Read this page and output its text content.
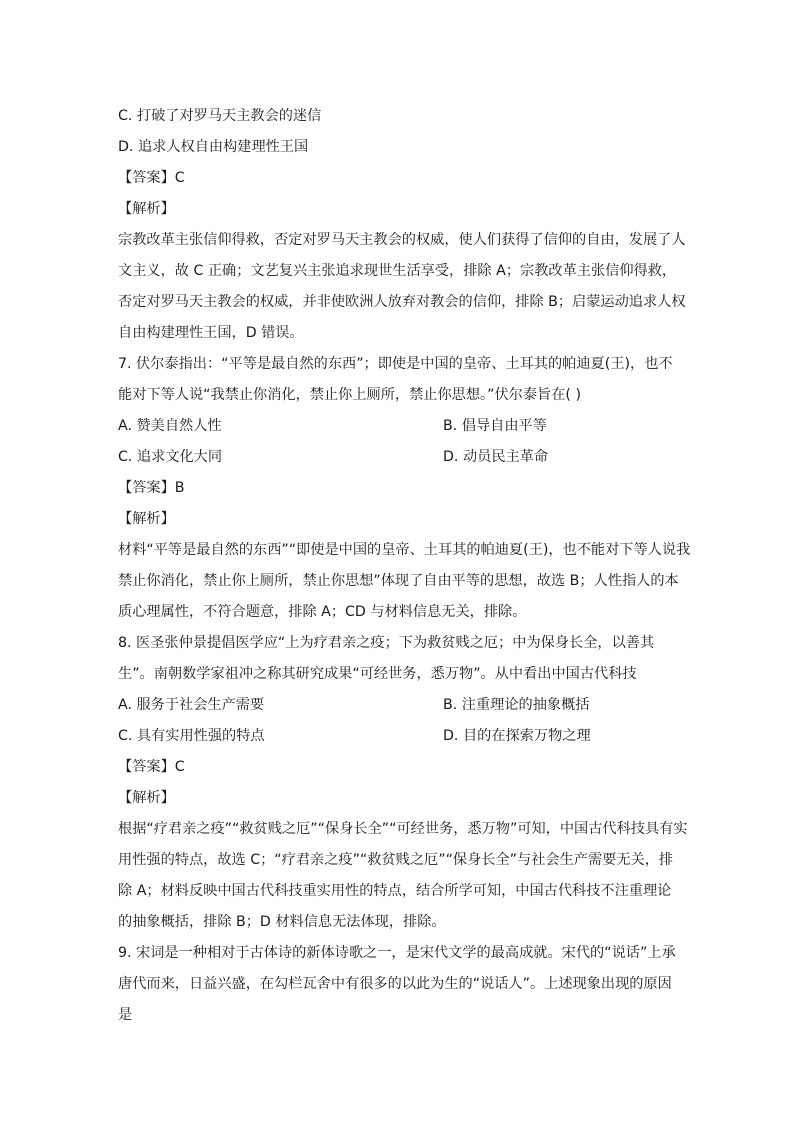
C. 打破了对罗马天主教会的迷信
D. 追求人权自由构建理性王国
【答案】C
【解析】
宗教改革主张信仰得救，否定对罗马天主教会的权威，使人们获得了信仰的自由，发展了人
文主义，故 C 正确；文艺复兴主张追求现世生活享受，排除 A；宗教改革主张信仰得救，
否定对罗马天主教会的权威，并非使欧洲人放弃对教会的信仰，排除 B；启蒙运动追求人权
自由构建理性王国，D 错误。
7. 伏尔泰指出：“平等是最自然的东西”；即使是中国的皇帝、土耳其的帕迪夏(王)，也不
能对下等人说“我禁止你消化，禁止你上厕所，禁止你思想。”伏尔泰旨在( )
A. 赞美自然人性	B. 倡导自由平等
C. 追求文化大同	D. 动员民主革命
【答案】B
【解析】
材料“平等是最自然的东西”“即使是中国的皇帝、土耳其的帕迪夏(王)，也不能对下等人说我
禁止你消化，禁止你上厕所，禁止你思想”体现了自由平等的思想，故选 B；人性指人的本
质心理属性，不符合题意，排除 A；CD 与材料信息无关，排除。
8. 医圣张仲景提倡医学应“上为疗君亲之疫；下为救贫贱之厄；中为保身长全，以善其
生”。南朝数学家祖冲之称其研究成果“可经世务，悉万物”。从中看出中国古代科技
A. 服务于社会生产需要	B. 注重理论的抽象概括
C. 具有实用性强的特点	D. 目的在探索万物之理
【答案】C
【解析】
根据“疗君亲之疫”“救贫贱之厄”“保身长全”“可经世务，悉万物”可知，中国古代科技具有实
用性强的特点，故选 C；“疗君亲之疫”“救贫贱之厄”“保身长全”与社会生产需要无关，排
除 A；材料反映中国古代科技重实用性的特点，结合所学可知，中国古代科技不注重理论
的抽象概括，排除 B；D 材料信息无法体现，排除。
9. 宋词是一种相对于古体诗的新体诗歌之一，是宋代文学的最高成就。宋代的“说话”上承
唐代而来，日益兴盛，在勾栏瓦舍中有很多的以此为生的“说话人”。上述现象出现的原因
是
